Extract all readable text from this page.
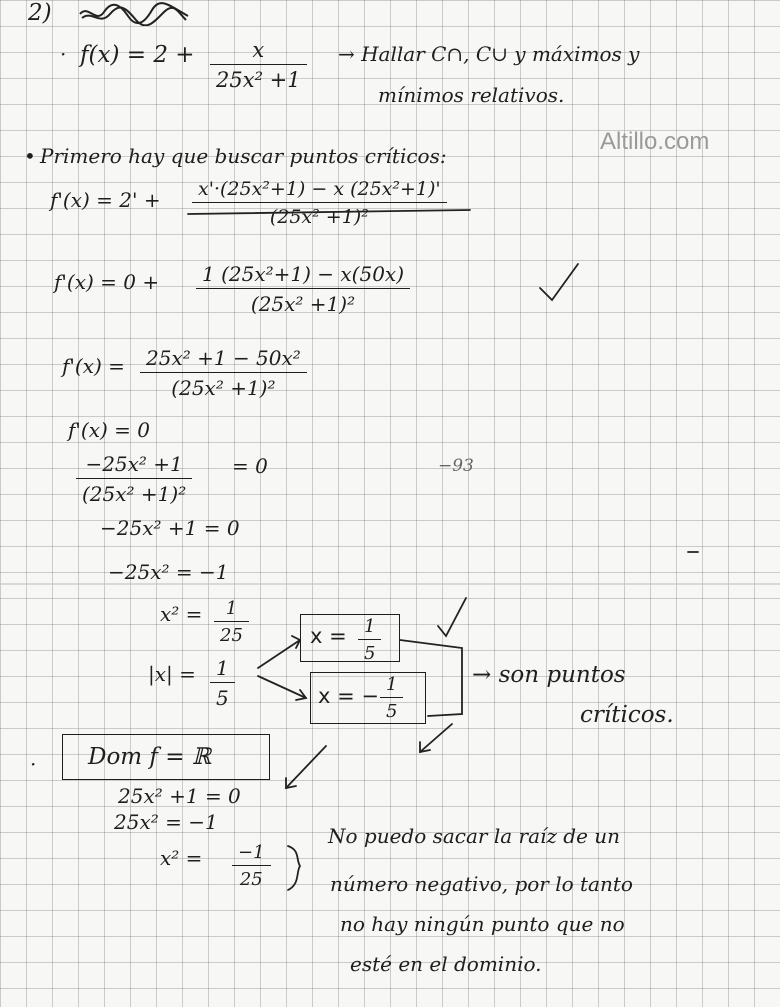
2)
Altillo.com
· f(x) = 2 +	x
25x² +1
→ Hallar C∩, C∪ y máximos y
mínimos relativos.
• Primero hay que buscar puntos críticos:
f'(x) = 2' +	x'·(25x²+1) − x (25x²+1)'
(25x² +1)²
f'(x) = 0 +	1 (25x²+1) − x(50x)
(25x² +1)²
f'(x) =	25x² +1 − 50x²
(25x² +1)²
f'(x) = 0
−25x² +1
(25x² +1)²
= 0	−93
−25x² +1 = 0
−25x² = −1
x² =	1
25
|x| =	1
5
x = 1
5
x = − 1
5
→ son puntos
críticos.
· Dom f = ℝ
25x² +1 = 0
25x² = −1
x² =	−1
25
No puedo sacar la raíz de un
número negativo, por lo tanto
no hay ningún punto que no
esté en el dominio.
